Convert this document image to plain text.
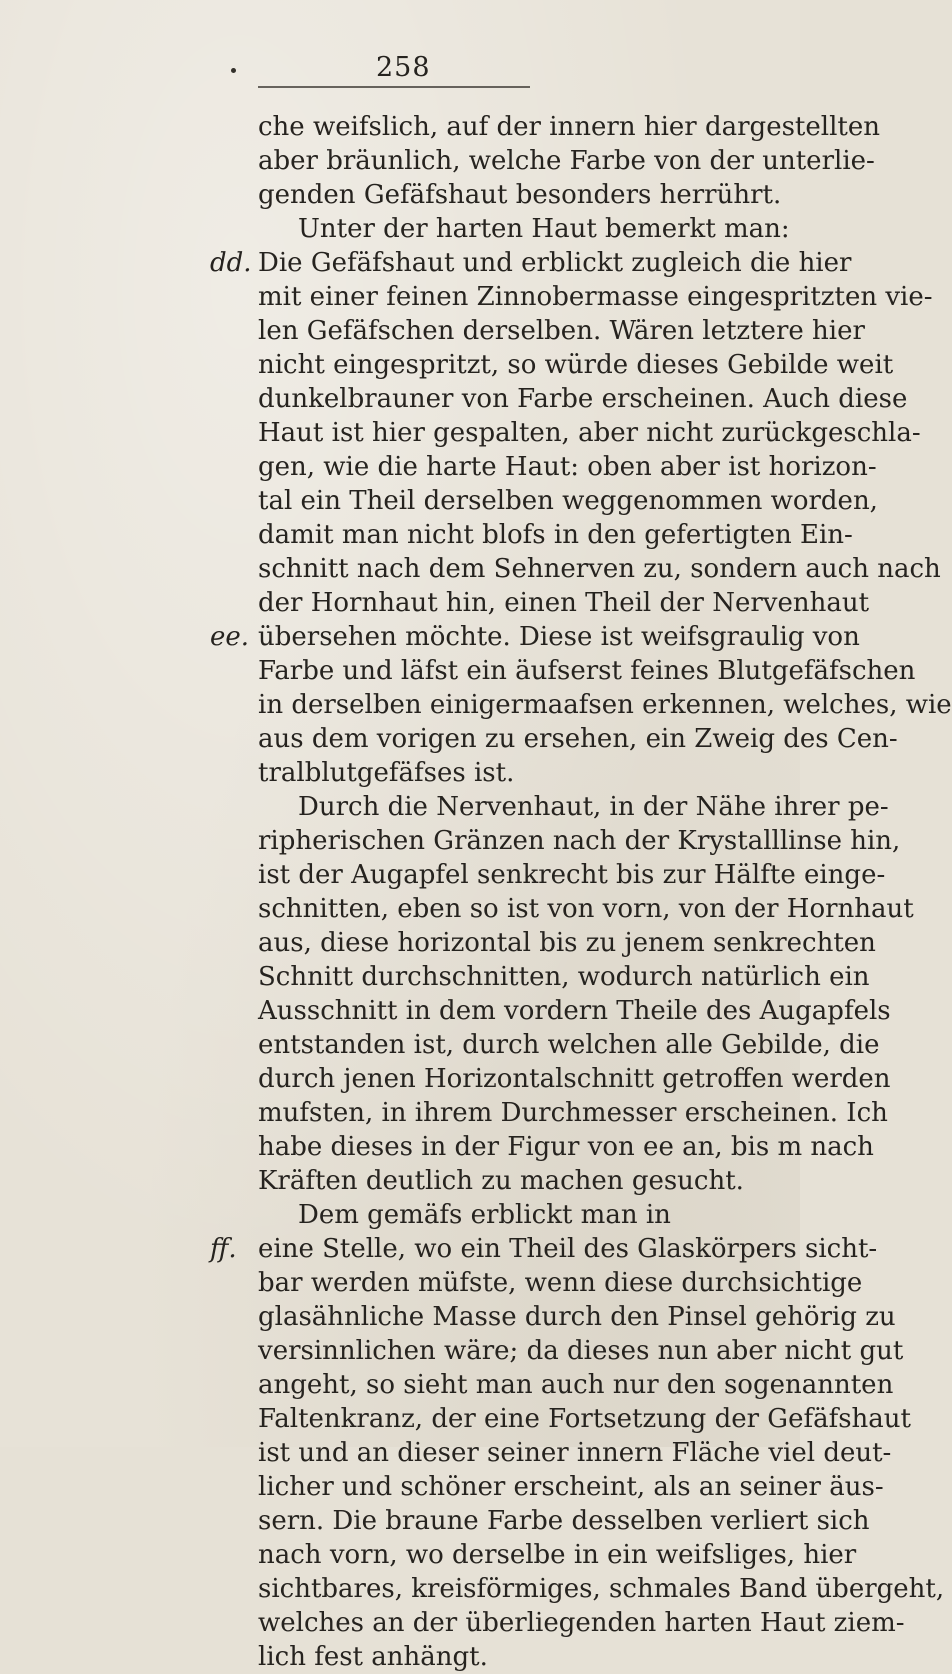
258
che weifslich, auf der innern hier dargestellten
aber bräunlich, welche Farbe von der unterlie-
genden Gefäfshaut besonders herrührt.
Unter der harten Haut bemerkt man:
dd. Die Gefäfshaut und erblickt zugleich die hier
mit einer feinen Zinnobermasse eingespritzten vie-
len Gefäfschen derselben. Wären letztere hier
nicht eingespritzt, so würde dieses Gebilde weit
dunkelbrauner von Farbe erscheinen. Auch diese
Haut ist hier gespalten, aber nicht zurückgeschla-
gen, wie die harte Haut: oben aber ist horizon-
tal ein Theil derselben weggenommen worden,
damit man nicht blofs in den gefertigten Ein-
schnitt nach dem Sehnerven zu, sondern auch nach
der Hornhaut hin, einen Theil der Nervenhaut
ee. übersehen möchte. Diese ist weifsgraulig von
Farbe und läfst ein äufserst feines Blutgefäfschen
in derselben einigermaafsen erkennen, welches, wie
aus dem vorigen zu ersehen, ein Zweig des Cen-
tralblutgefäfses ist.
Durch die Nervenhaut, in der Nähe ihrer pe-
ripherischen Gränzen nach der Krystalllinse hin,
ist der Augapfel senkrecht bis zur Hälfte einge-
schnitten, eben so ist von vorn, von der Hornhaut
aus, diese horizontal bis zu jenem senkrechten
Schnitt durchschnitten, wodurch natürlich ein
Ausschnitt in dem vordern Theile des Augapfels
entstanden ist, durch welchen alle Gebilde, die
durch jenen Horizontalschnitt getroffen werden
mufsten, in ihrem Durchmesser erscheinen. Ich
habe dieses in der Figur von ee an, bis m nach
Kräften deutlich zu machen gesucht.
Dem gemäfs erblickt man in
ff. eine Stelle, wo ein Theil des Glaskörpers sicht-
bar werden müfste, wenn diese durchsichtige
glasähnliche Masse durch den Pinsel gehörig zu
versinnlichen wäre; da dieses nun aber nicht gut
angeht, so sieht man auch nur den sogenannten
Faltenkranz, der eine Fortsetzung der Gefäfshaut
ist und an dieser seiner innern Fläche viel deut-
licher und schöner erscheint, als an seiner äus-
sern. Die braune Farbe desselben verliert sich
nach vorn, wo derselbe in ein weifsliges, hier
sichtbares, kreisförmiges, schmales Band übergeht,
welches an der überliegenden harten Haut ziem-
lich fest anhängt.
